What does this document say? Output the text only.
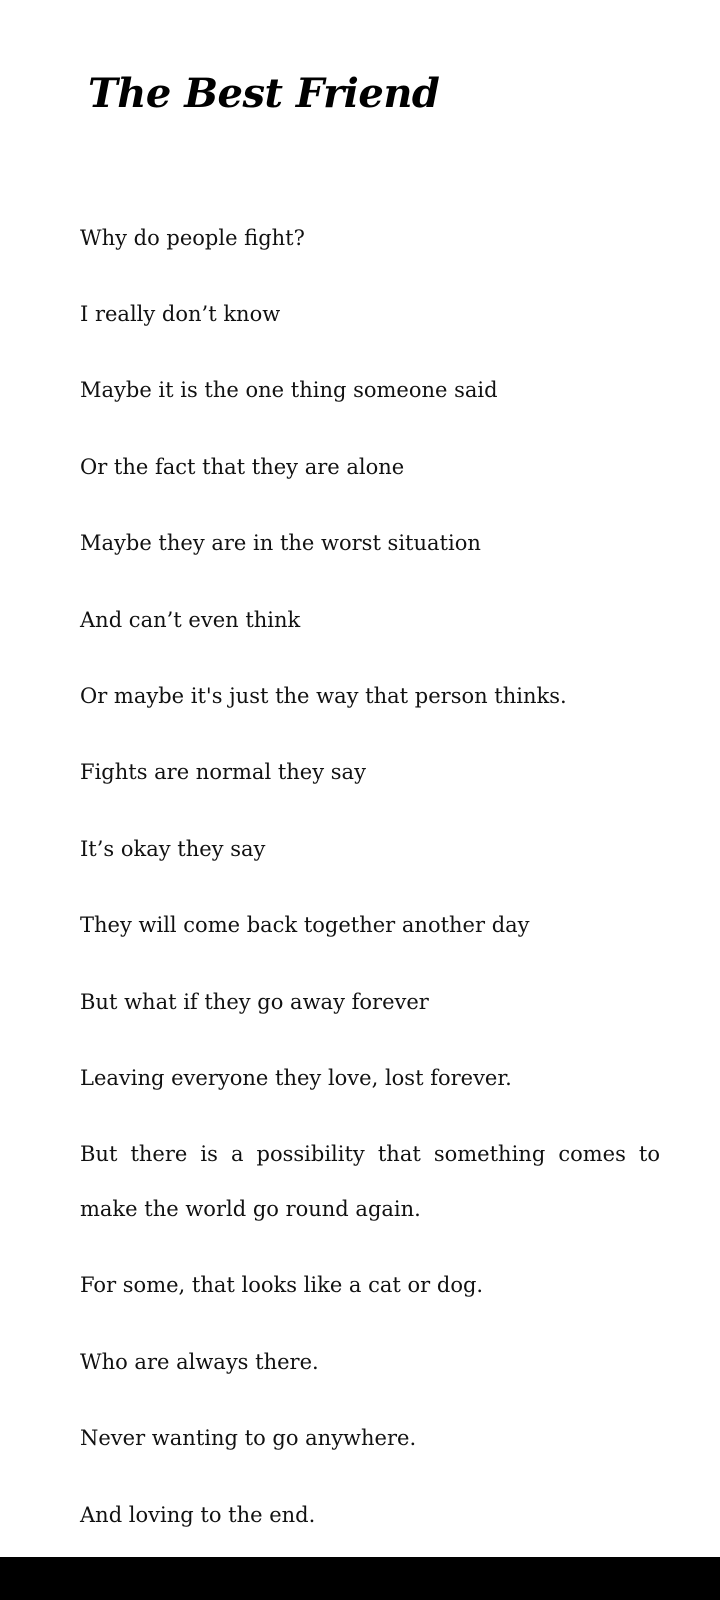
The Best Friend

Why do people fight?

I really don’t know

Maybe it is the one thing someone said

Or the fact that they are alone

Maybe they are in the worst situation

And can’t even think

Or maybe it's just the way that person thinks.

Fights are normal they say

It’s okay they say

They will come back together another day

But what if they go away forever

Leaving everyone they love, lost forever.

But there is a possibility that something comes to make the world go round again.

For some, that looks like a cat or dog.

Who are always there.

Never wanting to go anywhere.

And loving to the end.
